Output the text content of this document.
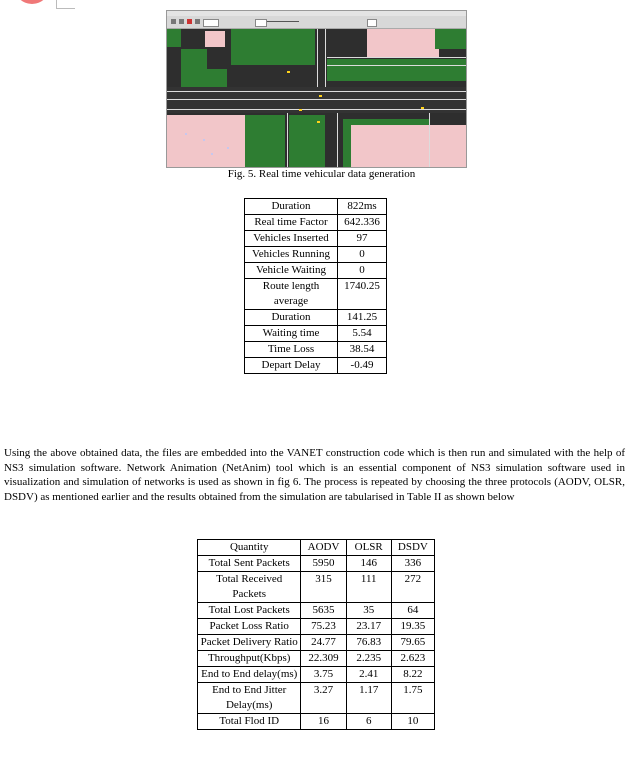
Fig. 5. Real time vehicular data generation
Duration	822ms
Real time Factor	642.336
Vehicles Inserted	97
Vehicles Running	0
Vehicle Waiting	0
Route length average	1740.25
Duration	141.25
Waiting time	5.54
Time Loss	38.54
Depart Delay	-0.49

Using the above obtained data, the files are embedded into the VANET construction code which is then run and simulated with the help of NS3 simulation software. Network Animation (NetAnim) tool which is an essential component of NS3 simulation software used in visualization and simulation of networks is used as shown in fig 6. The process is repeated by choosing the three protocols (AODV, OLSR, DSDV) as mentioned earlier and the results obtained from the simulation are tabularised in Table II as shown below

Quantity	AODV	OLSR	DSDV
Total Sent Packets	5950	146	336
Total Received Packets	315	111	272
Total Lost Packets	5635	35	64
Packet Loss Ratio	75.23	23.17	19.35
Packet Delivery Ratio	24.77	76.83	79.65
Throughput(Kbps)	22.309	2.235	2.623
End to End delay(ms)	3.75	2.41	8.22
End to End Jitter Delay(ms)	3.27	1.17	1.75
Total Flod ID	16	6	10
